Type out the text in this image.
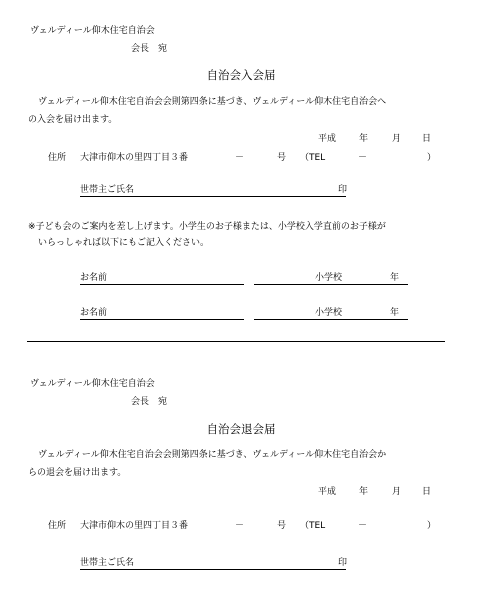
ヴェルディール仰木住宅自治会
会長　宛
自治会入会届
ヴェルディール仰木住宅自治会会則第四条に基づき、ヴェルディール仰木住宅自治会へ
の入会を届け出ます。
平成	年	月 日
住所 大津市仰木の里四丁目３番	－	号 （TEL	－	）
世帯主ご氏名	印
※子ども会のご案内を差し上げます。小学生のお子様または、小学校入学直前のお子様が
いらっしゃれば以下にもご記入ください。
お名前	小学校	年
お名前	小学校	年
ヴェルディール仰木住宅自治会
会長　宛
自治会退会届
ヴェルディール仰木住宅自治会会則第四条に基づき、ヴェルディール仰木住宅自治会か
らの退会を届け出ます。
平成	年	月 日
住所 大津市仰木の里四丁目３番	－	号 （TEL	－	）
世帯主ご氏名	印
